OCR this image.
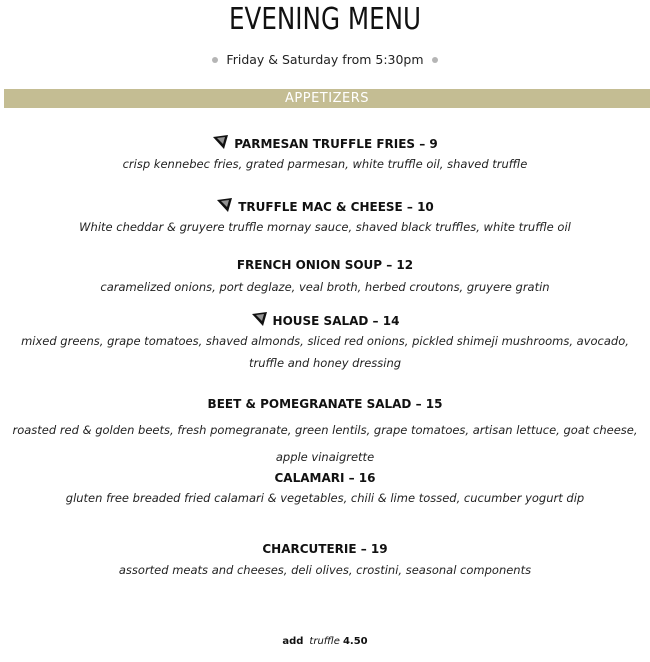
EVENING MENU
Friday & Saturday from 5:30pm
APPETIZERS
PARMESAN TRUFFLE FRIES – 9
crisp kennebec fries, grated parmesan, white truffle oil, shaved truffle
TRUFFLE MAC & CHEESE – 10
White cheddar & gruyere truffle mornay sauce, shaved black truffles, white truffle oil
FRENCH ONION SOUP – 12
caramelized onions, port deglaze, veal broth, herbed croutons, gruyere gratin
HOUSE SALAD – 14
mixed greens, grape tomatoes, shaved almonds, sliced red onions, pickled shimeji mushrooms, avocado, truffle and honey dressing
BEET & POMEGRANATE SALAD – 15
roasted red & golden beets, fresh pomegranate, green lentils, grape tomatoes, artisan lettuce, goat cheese, apple vinaigrette
CALAMARI – 16
gluten free breaded fried calamari & vegetables, chili & lime tossed, cucumber yogurt dip
CHARCUTERIE – 19
assorted meats and cheeses, deli olives, crostini, seasonal components
add truffle 4.50
